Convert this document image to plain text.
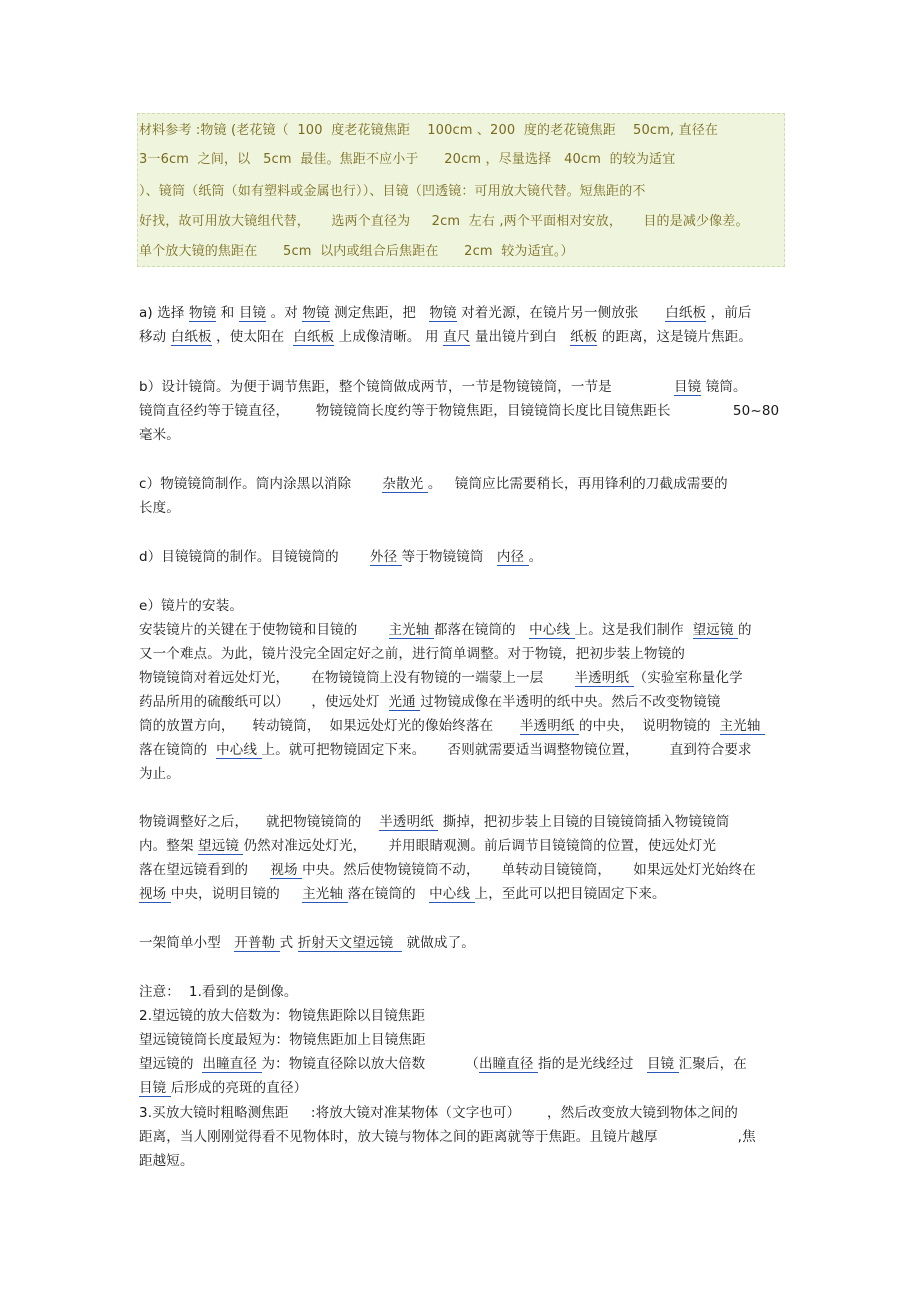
材料参考 :物镜 (老花镜（  100  度老花镜焦距    100cm 、200  度的老花镜焦距    50cm, 直径在
3一6cm  之间，以   5cm  最佳。焦距不应小于      20cm ，尽量选择   40cm  的较为适宜
）、镜筒（纸筒（如有塑料或金属也行））、目镜（凹透镜：可用放大镜代替。短焦距的不
好找，故可用放大镜组代替，     选两个直径为     2cm  左右 ,两个平面相对安放，     目的是减少像差。
单个放大镜的焦距在      5cm  以内或组合后焦距在      2cm  较为适宜。）
a) 选择 物镜 和 目镜 。对 物镜 测定焦距，把   物镜 对着光源，在镜片另一侧放张      白纸板 ，前后
移动 白纸板 ，使太阳在  白纸板 上成像清晰。 用 直尺 量出镜片到白   纸板 的距离，这是镜片焦距。
b）设计镜筒。为便于调节焦距，整个镜筒做成两节，一节是物镜镜筒，一节是              目镜 镜筒。
镜筒直径约等于镜直径，      物镜镜筒长度约等于物镜焦距，目镜镜筒长度比目镜焦距长              50~80
毫米。
c）物镜镜筒制作。筒内涂黑以消除       杂散光 。   镜筒应比需要稍长，再用锋利的刀截成需要的
长度。
d）目镜镜筒的制作。目镜镜筒的       外径 等于物镜镜筒   内径 。
e）镜片的安装。
安装镜片的关键在于使物镜和目镜的       主光轴 都落在镜筒的   中心线 上。这是我们制作  望远镜 的
又一个难点。为此，镜片没完全固定好之前，进行简单调整。对于物镜，把初步装上物镜的
物镜镜筒对着远处灯光，     在物镜镜筒上没有物镜的一端蒙上一层       半透明纸 （实验室称量化学
药品所用的硫酸纸可以）     ，使远处灯  光通 过物镜成像在半透明的纸中央。然后不改变物镜镜
筒的放置方向，    转动镜筒，  如果远处灯光的像始终落在      半透明纸 的中央，  说明物镜的  主光轴
落在镜筒的  中心线 上。就可把物镜固定下来。     否则就需要适当调整物镜位置，       直到符合要求
为止。
物镜调整好之后，    就把物镜镜筒的    半透明纸  撕掉，把初步装上目镜的目镜镜筒插入物镜镜筒
内。整架 望远镜 仍然对准远处灯光，     并用眼睛观测。前后调节目镜镜筒的位置，使远处灯光
落在望远镜看到的     视场 中央。然后使物镜镜筒不动，     单转动目镜镜筒，     如果远处灯光始终在
视场 中央，说明目镜的     主光轴 落在镜筒的   中心线 上，至此可以把目镜固定下来。
一架简单小型   开普勒 式 折射天文望远镜   就做成了。
注意：  1.看到的是倒像。
2.望远镜的放大倍数为：物镜焦距除以目镜焦距
望远镜镜筒长度最短为：物镜焦距加上目镜焦距
望远镜的  出瞳直径 为：物镜直径除以放大倍数         （出瞳直径 指的是光线经过   目镜 汇聚后，在
目镜 后形成的亮斑的直径）
3.买放大镜时粗略测焦距     :将放大镜对准某物体（文字也可）      ，然后改变放大镜到物体之间的
距离，当人刚刚觉得看不见物体时，放大镜与物体之间的距离就等于焦距。且镜片越厚                  ,焦
距越短。
